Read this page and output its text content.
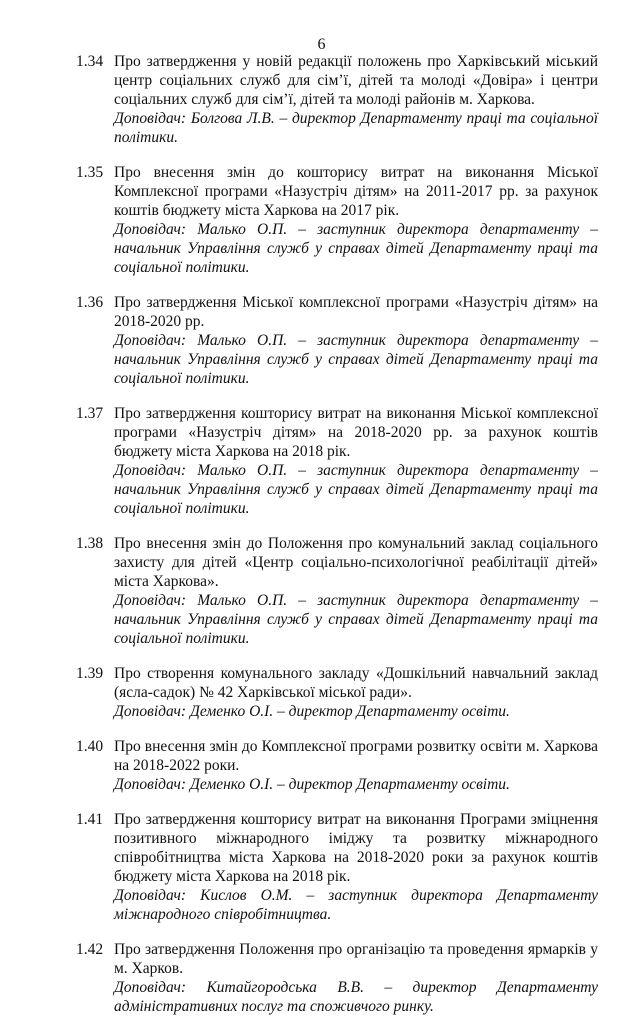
6
1.34 Про затвердження у новій редакції положень про Харківський міський центр соціальних служб для сім’ї, дітей та молоді «Довіра» і центри соціальних служб для сім’ї, дітей та молоді районів м. Харкова.
Доповідач: Болгова Л.В. – директор Департаменту праці та соціальної політики.
1.35 Про внесення змін до кошторису витрат на виконання Міської Комплексної програми «Назустріч дітям» на 2011-2017 рр. за рахунок коштів бюджету міста Харкова на 2017 рік.
Доповідач: Малько О.П. – заступник директора департаменту – начальник Управління служб у справах дітей Департаменту праці та соціальної політики.
1.36 Про затвердження Міської комплексної програми «Назустріч дітям» на 2018-2020 рр.
Доповідач: Малько О.П. – заступник директора департаменту – начальник Управління служб у справах дітей Департаменту праці та соціальної політики.
1.37 Про затвердження кошторису витрат на виконання Міської комплексної програми «Назустріч дітям» на 2018-2020 рр. за рахунок коштів бюджету міста Харкова на 2018 рік.
Доповідач: Малько О.П. – заступник директора департаменту – начальник Управління служб у справах дітей Департаменту праці та соціальної політики.
1.38 Про внесення змін до Положення про комунальний заклад соціального захисту для дітей «Центр соціально-психологічної реабілітації дітей» міста Харкова».
Доповідач: Малько О.П. – заступник директора департаменту – начальник Управління служб у справах дітей Департаменту праці та соціальної політики.
1.39 Про створення комунального закладу «Дошкільний навчальний заклад (ясла-садок) № 42 Харківської міської ради».
Доповідач: Деменко О.І. – директор Департаменту освіти.
1.40 Про внесення змін до Комплексної програми розвитку освіти м. Харкова на 2018-2022 роки.
Доповідач: Деменко О.І. – директор Департаменту освіти.
1.41 Про затвердження кошторису витрат на виконання Програми зміцнення позитивного міжнародного іміджу та розвитку міжнародного співробітництва міста Харкова на 2018-2020 роки за рахунок коштів бюджету міста Харкова на 2018 рік.
Доповідач: Кислов О.М. – заступник директора Департаменту міжнародного співробітництва.
1.42 Про затвердження Положення про організацію та проведення ярмарків у м. Харков.
Доповідач: Китайгородська В.В. – директор Департаменту адміністративних послуг та споживчого ринку.
